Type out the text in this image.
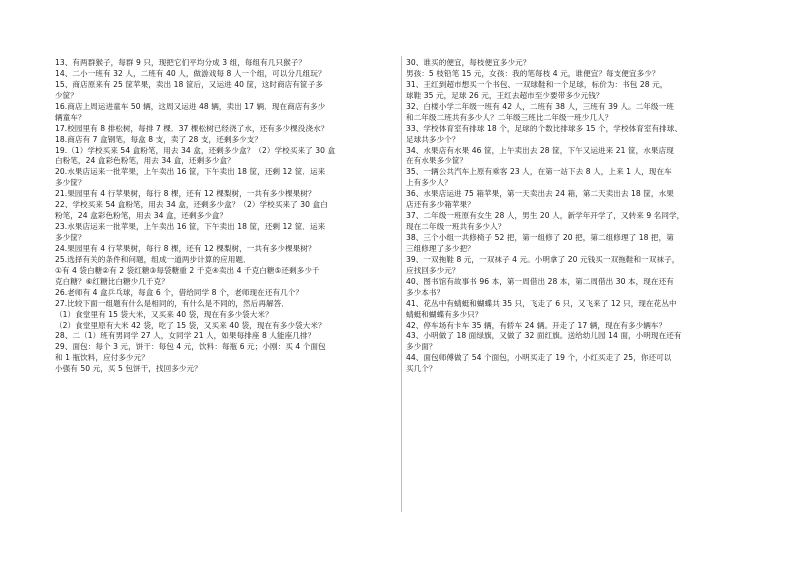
13、有两群猴子，每群 9 只，现把它们平均分成 3 组，每组有几只猴子？
14、二小一班有 32 人，二班有 40 人，做游戏每 8 人一个组，可以分几组玩？
15、商店原来有 25 筐苹果，卖出 18 筐后，又运进 40 筐，这时商店有筐子多
少筐？
16.商店上周运进童车 50 辆，这周又运进 48 辆，卖出 17 辆．现在商店有多少
辆童车？
17.校园里有 8 排松树，每排 7 棵．37 棵松树已经浇了水，还有多少棵没浇水？
18.商店有 7 盒钢笔，每盒 8 支，卖了 28 支，还剩多少支？
19.（1）学校买来 54 盒粉笔，用去 34 盒，还剩多少盒？（2）学校买来了 30 盒
白粉笔，24 盒彩色粉笔，用去 34 盒，还剩多少盒？
20.水果店运来一批苹果，上午卖出 16 筐，下午卖出 18 筐，还剩 12 筐．运来
多少筐？
21.果园里有 4 行苹果树，每行 8 棵，还有 12 棵梨树，一共有多少棵果树？
22、学校买来 54 盒粉笔，用去 34 盒，还剩多少盒？（2）学校买来了 30 盒白
粉笔，24 盒彩色粉笔，用去 34 盒，还剩多少盒？
23.水果店运来一批苹果，上午卖出 16 筐，下午卖出 18 筐，还剩 12 筐．运来
多少筐？
24.果园里有 4 行苹果树，每行 8 棵，还有 12 棵梨树，一共有多少棵果树？
25.选择有关的条件和问题，组成一道两步计算的应用题．
①有 4 袋白糖②有 2 袋红糖③每袋糖重 2 千克④卖出 4 千克白糖⑤还剩多少千
克白糖？⑥红糖比白糖少几千克？
26.老师有 4 盒乒乓球，每盒 6 个，借给同学 8 个，老师现在还有几个？
27.比较下面一组题有什么是相同的，有什么是不同的，然后再解答．
（1）食堂里有 15 袋大米，又买来 40 袋，现在有多少袋大米？
（2）食堂里原有大米 42 袋，吃了 15 袋，又买来 40 袋，现在有多少袋大米？
28、二（1）班有男同学 27 人，女同学 21 人，如果每排座 8 人能座几排？
29、面包：每个 3 元，饼干：每包 4 元，饮料：每瓶 6 元；小刚：买 4 个面包
和 1 瓶饮料，应付多少元？
小强有 50 元，买 5 包饼干，找回多少元？
30、谁买的便宜，每枝便宜多少元？
男孩：5 枝铅笔 15 元，女孩：我的笔每枝 4 元，谁便宜？每支便宜多少？
31、王红到超市想买一个书包、一双球鞋和一个足球，标价为：书包 28 元，
球鞋 35 元，足球 26 元，王红去超市至少要带多少元钱？
32、白楼小学二年级一班有 42 人，二班有 38 人，三班有 39 人。二年级一班
和二年级二班共有多少人？二年级三班比二年级一班少几人？
33、学校体育室有排球 18 个，足球的个数比排球多 15 个，学校体育室有排球、
足球共多少个？
34、水果店有水果 46 筐，上午卖出去 28 筐，下午又运进来 21 筐，水果店现
在有水果多少筐？
35、一辆公共汽车上原有乘客 23 人，在第一站下去 8 人，上来 1 人，现在车
上有多少人？
36、水果店运进 75 箱苹果，第一天卖出去 24 箱，第二天卖出去 18 筐，水果
店还有多少箱苹果？
37、二年级一班原有女生 28 人，男生 20 人，新学年开学了，又转来 9 名同学，
现在二年级一班共有多少人？
38、三个小组一共修椅子 52 把，第一组修了 20 把，第二组修理了 18 把，第
三组修理了多少把？
39、一双拖鞋 8 元，一双袜子 4 元。小明拿了 20 元钱买一双拖鞋和一双袜子，
应找回多少元？
40、图书馆有故事书 96 本，第一周借出 28 本，第二周借出 30 本，现在还有
多少本书？
41、花丛中有蜻蜓和蝴蝶共 35 只，飞走了 6 只，又飞来了 12 只，现在花丛中
蜻蜓和蝴蝶有多少只？
42、停车场有卡车 35 辆，有轿车 24 辆。开走了 17 辆，现在有多少辆车？
43、小明做了 18 面绿旗，又做了 32 面红旗。送给幼儿园 14 面，小明现在还有
多少面？
44、面包师傅做了 54 个面包，小明买走了 19 个，小红买走了 25，你还可以
买几个？
